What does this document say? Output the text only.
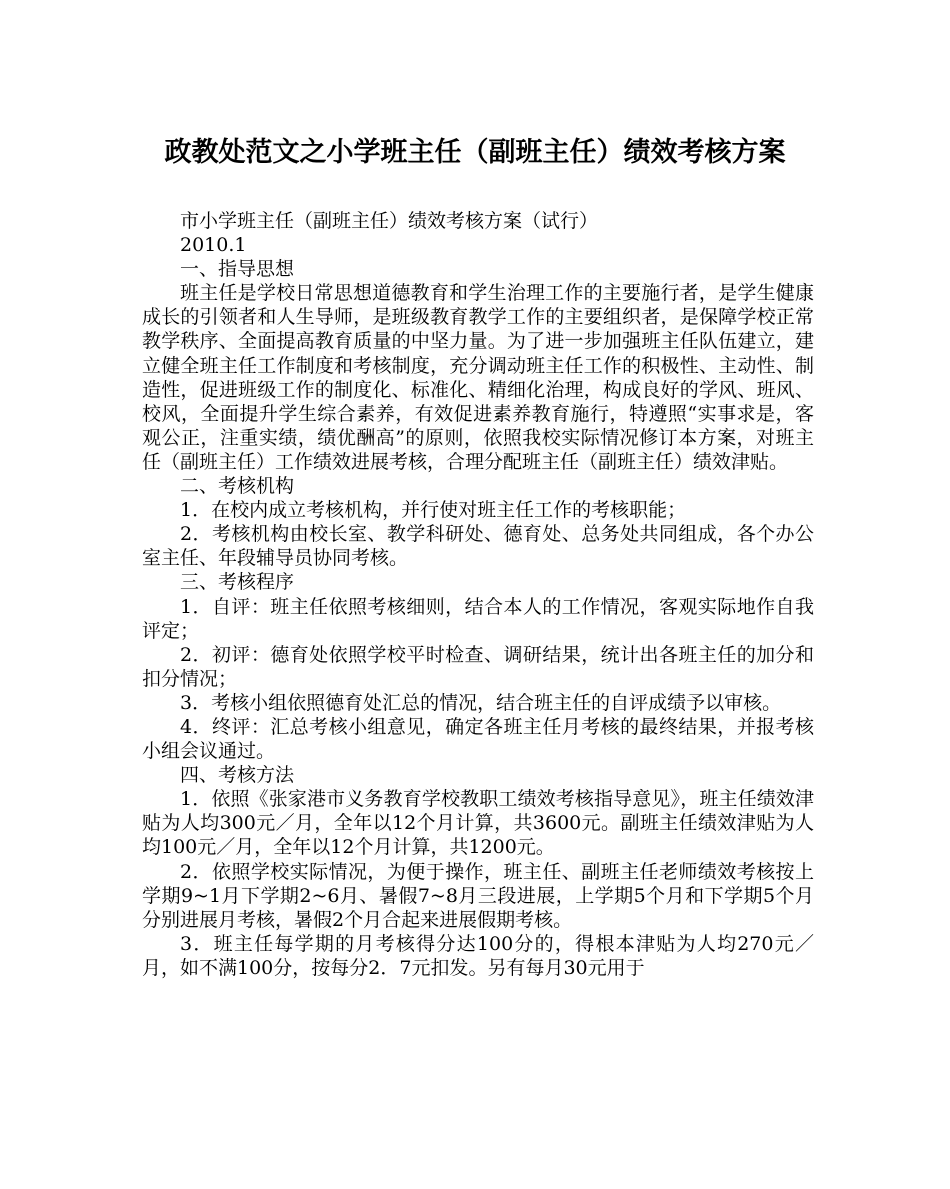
政教处范文之小学班主任（副班主任）绩效考核方案

市小学班主任（副班主任）绩效考核方案（试行）

2010.1

一、指导思想

班主任是学校日常思想道德教育和学生治理工作的主要施行者，是学生健康成长的引领者和人生导师，是班级教育教学工作的主要组织者，是保障学校正常教学秩序、全面提高教育质量的中坚力量。为了进一步加强班主任队伍建立，建立健全班主任工作制度和考核制度，充分调动班主任工作的积极性、主动性、制造性，促进班级工作的制度化、标准化、精细化治理，构成良好的学风、班风、校风，全面提升学生综合素养，有效促进素养教育施行，特遵照“实事求是，客观公正，注重实绩，绩优酬高”的原则，依照我校实际情况修订本方案，对班主任（副班主任）工作绩效进展考核，合理分配班主任（副班主任）绩效津贴。

二、考核机构

1．在校内成立考核机构，并行使对班主任工作的考核职能；

2．考核机构由校长室、教学科研处、德育处、总务处共同组成，各个办公室主任、年段辅导员协同考核。

三、考核程序

1．自评：班主任依照考核细则，结合本人的工作情况，客观实际地作自我评定；

2．初评：德育处依照学校平时检查、调研结果，统计出各班主任的加分和扣分情况；

3．考核小组依照德育处汇总的情况，结合班主任的自评成绩予以审核。

4．终评：汇总考核小组意见，确定各班主任月考核的最终结果，并报考核小组会议通过。

四、考核方法

1．依照《张家港市义务教育学校教职工绩效考核指导意见》，班主任绩效津贴为人均300元／月，全年以12个月计算，共3600元。副班主任绩效津贴为人均100元／月，全年以12个月计算，共1200元。

2．依照学校实际情况，为便于操作，班主任、副班主任老师绩效考核按上学期9~1月下学期2~6月、暑假7~8月三段进展，上学期5个月和下学期5个月分别进展月考核，暑假2个月合起来进展假期考核。

3．班主任每学期的月考核得分达100分的，得根本津贴为人均270元／月，如不满100分，按每分2．7元扣发。另有每月30元用于
